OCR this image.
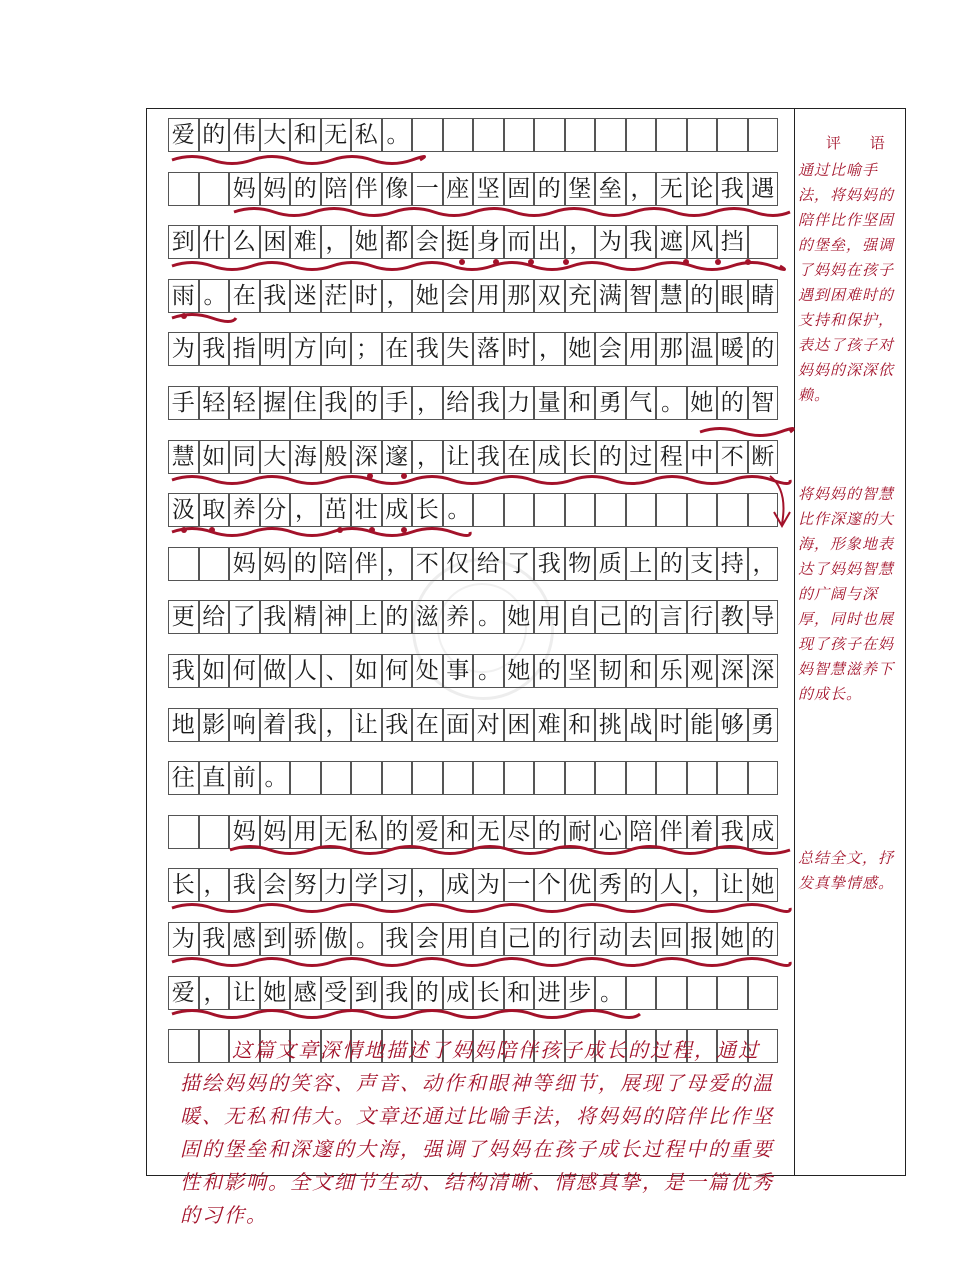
爱 的 伟 大 和 无 私 。
妈 妈 的 陪 伴 像 一 座 坚 固 的 堡 垒 ， 无 论 我 遇
到 什 么 困 难 ， 她 都 会 挺 身 而 出 ， 为 我 遮 风 挡
雨 。 在 我 迷 茫 时 ， 她 会 用 那 双 充 满 智 慧 的 眼 睛
为 我 指 明 方 向 ； 在 我 失 落 时 ， 她 会 用 那 温 暖 的
手 轻 轻 握 住 我 的 手 ， 给 我 力 量 和 勇 气 。 她 的 智
慧 如 同 大 海 般 深 邃 ， 让 我 在 成 长 的 过 程 中 不 断
汲 取 养 分 ， 茁 壮 成 长 。
妈 妈 的 陪 伴 ， 不 仅 给 了 我 物 质 上 的 支 持 ，
更 给 了 我 精 神 上 的 滋 养 。 她 用 自 己 的 言 行 教 导
我 如 何 做 人 、 如 何 处 事 。 她 的 坚 韧 和 乐 观 深 深
地 影 响 着 我 ， 让 我 在 面 对 困 难 和 挑 战 时 能 够 勇
往 直 前 。
妈 妈 用 无 私 的 爱 和 无 尽 的 耐 心 陪 伴 着 我 成
长 ， 我 会 努 力 学 习 ， 成 为 一 个 优 秀 的 人 ， 让 她
为 我 感 到 骄 傲 。 我 会 用 自 己 的 行 动 去 回 报 她 的
爱 ， 让 她 感 受 到 我 的 成 长 和 进 步 。
评 语
通过比喻手法，将妈妈的陪伴比作坚固的堡垒，强调了妈妈在孩子遇到困难时的支持和保护，表达了孩子对妈妈的深深依赖。
将妈妈的智慧比作深邃的大海，形象地表达了妈妈智慧的广阔与深厚，同时也展现了孩子在妈妈智慧滋养下的成长。
总结全文，抒发真挚情感。

这篇文章深情地描述了妈妈陪伴孩子成长的过程，通过描绘妈妈的笑容、声音、动作和眼神等细节，展现了母爱的温暖、无私和伟大。文章还通过比喻手法，将妈妈的陪伴比作坚固的堡垒和深邃的大海，强调了妈妈在孩子成长过程中的重要性和影响。全文细节生动、结构清晰、情感真挚，是一篇优秀的习作。
